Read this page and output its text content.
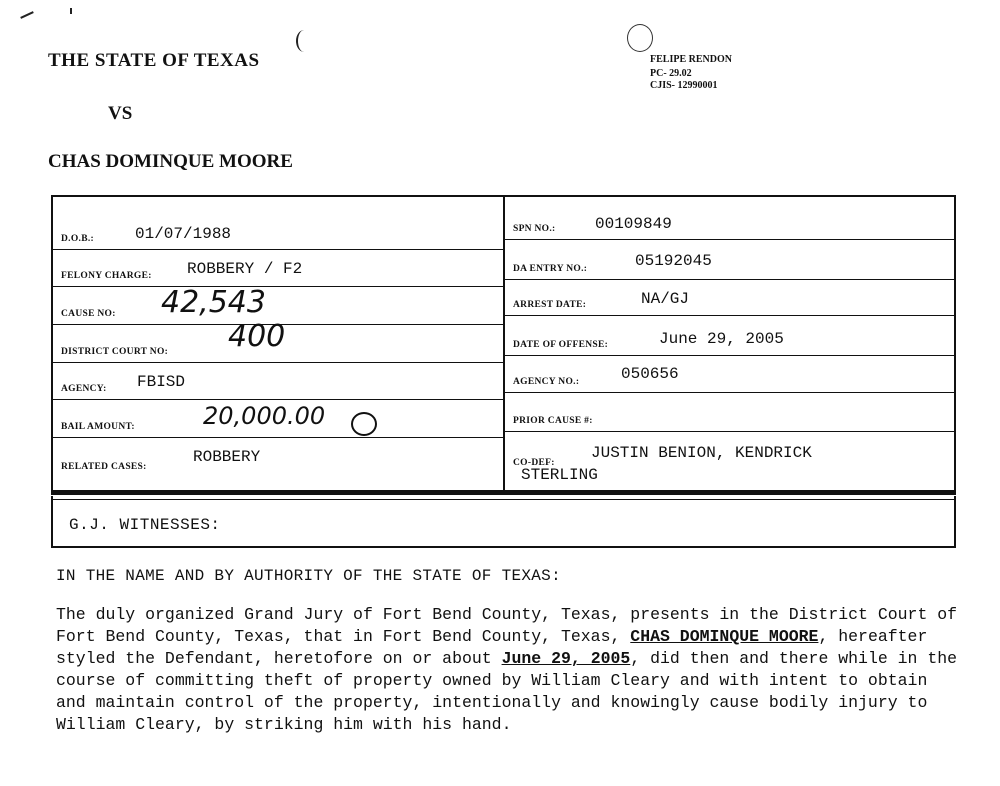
THE STATE OF TEXAS
VS
CHAS DOMINQUE MOORE
FELIPE RENDON
PC- 29.02
CJIS- 12990001
D.O.B.:	01/07/1988
FELONY CHARGE: ROBBERY / F2
CAUSE NO: 42,543
DISTRICT COURT NO: 400
AGENCY: FBISD
BAIL AMOUNT:	20,000.00
RELATED CASES:
ROBBERY
SPN NO.: 00109849
DA ENTRY NO.:	05192045
ARREST DATE:	NA/GJ
DATE OF OFFENSE:	June 29, 2005
AGENCY NO.:	050656
PRIOR CAUSE #:
CO-DEF:
JUSTIN BENION, KENDRICK
STERLING
G.J. WITNESSES:
IN THE NAME AND BY AUTHORITY OF THE STATE OF TEXAS:
The duly organized Grand Jury of Fort Bend County, Texas, presents in the District Court of Fort Bend County, Texas, that in Fort Bend County, Texas, CHAS DOMINQUE MOORE, hereafter styled the Defendant, heretofore on or about June 29, 2005, did then and there while in the course of committing theft of property owned by William Cleary and with intent to obtain and maintain control of the property, intentionally and knowingly cause bodily injury to William Cleary, by striking him with his hand.
